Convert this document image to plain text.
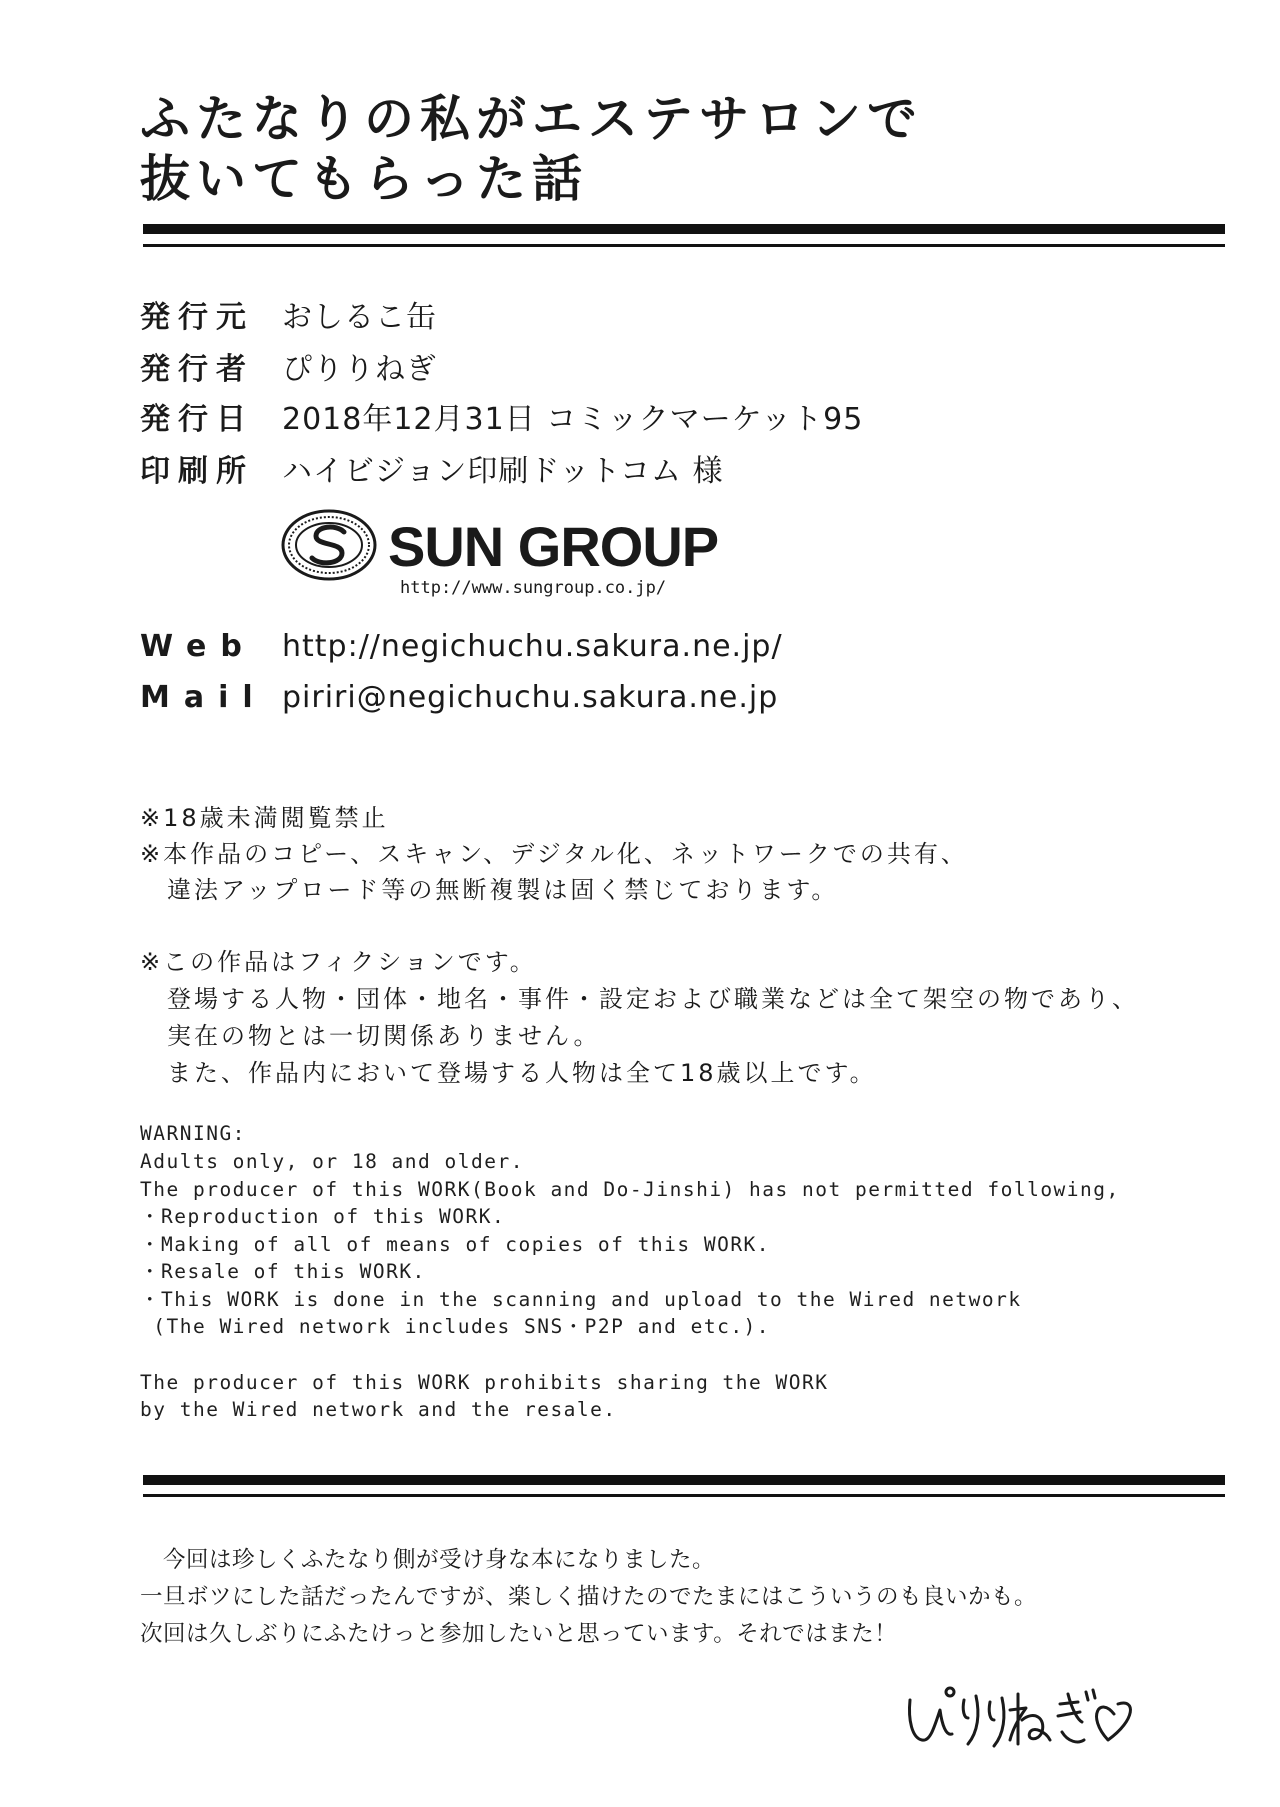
ふたなりの私がエステサロンで
抜いてもらった話
発行元 おしるこ缶
発行者 ぴりりねぎ
発行日 2018年12月31日 コミックマーケット95
印刷所 ハイビジョン印刷ドットコム 様
SUN GROUP
http://www.sungroup.co.jp/
Web http://negichuchu.sakura.ne.jp/
Mail piriri@negichuchu.sakura.ne.jp
※18歳未満閲覧禁止
※本作品のコピー、スキャン、デジタル化、ネットワークでの共有、
　違法アップロード等の無断複製は固く禁じております。
※この作品はフィクションです。
　登場する人物・団体・地名・事件・設定および職業などは全て架空の物であり、
　実在の物とは一切関係ありません。
　また、作品内において登場する人物は全て18歳以上です。
WARNING:
Adults only, or 18 and older.
The producer of this WORK(Book and Do-Jinshi) has not permitted following,
・Reproduction of this WORK.
・Making of all of means of copies of this WORK.
・Resale of this WORK.
・This WORK is done in the scanning and upload to the Wired network
(The Wired network includes SNS・P2P and etc.).
The producer of this WORK prohibits sharing the WORK
by the Wired network and the resale.
　今回は珍しくふたなり側が受け身な本になりました。
一旦ボツにした話だったんですが、楽しく描けたのでたまにはこういうのも良いかも。
次回は久しぶりにふたけっと参加したいと思っています。それではまた！
